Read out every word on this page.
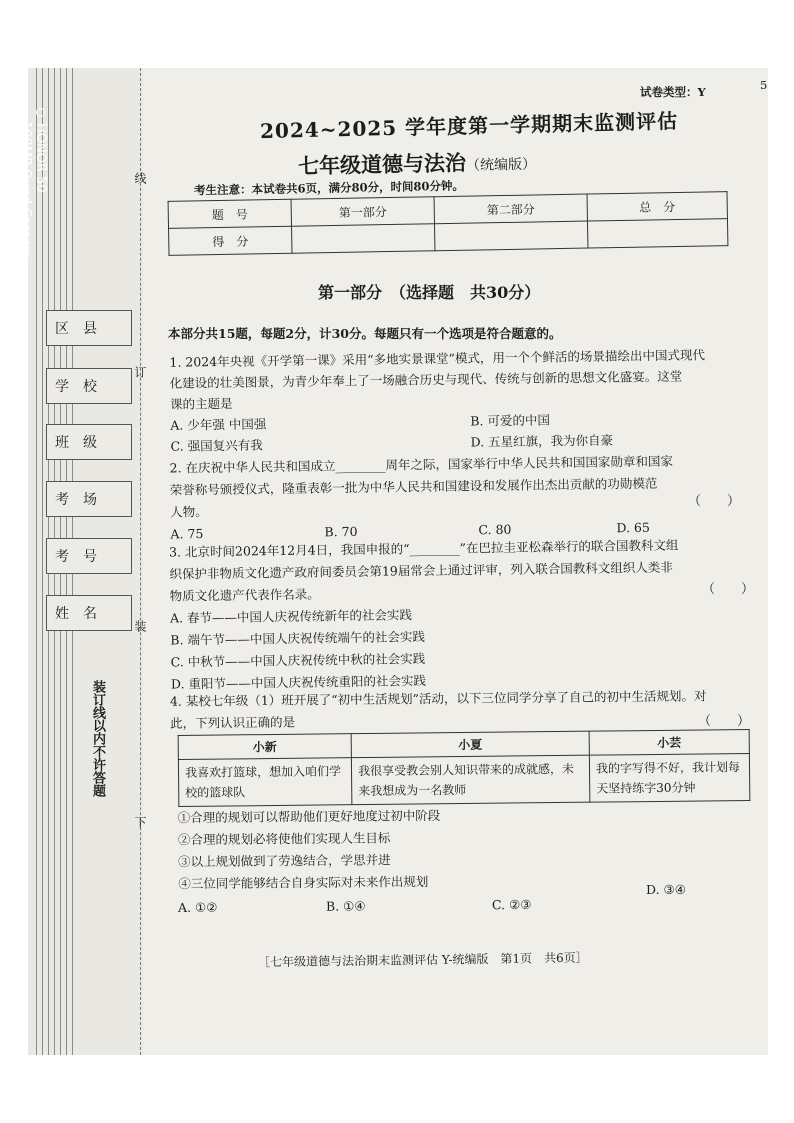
HONOR 50
108MP Quad Camera
区　县
学　校
班　级
考　场
考　号
姓　名
线
订
装
下
装订线以内不许答题
试卷类型：Y	5
2024~2025 学年度第一学期期末监测评估
七年级道德与法治（统编版）
考生注意：本试卷共6页，满分80分，时间80分钟。
题　号	第一部分	第二部分	总　分
得　分			
第一部分　（选择题　共30分）
本部分共15题，每题2分，计30分。每题只有一个选项是符合题意的。
1. 2024年央视《开学第一课》采用“多地实景课堂”模式，用一个个鲜活的场景描绘出中国式现代
化建设的壮美图景，为青少年奉上了一场融合历史与现代、传统与创新的思想文化盛宴。这堂
课的主题是
A. 少年强 中国强	B. 可爱的中国
C. 强国复兴有我	D. 五星红旗，我为你自豪
2. 在庆祝中华人民共和国成立________周年之际，国家举行中华人民共和国国家勋章和国家
荣誉称号颁授仪式，隆重表彰一批为中华人民共和国建设和发展作出杰出贡献的功勋模范
人物。
A. 75	B. 70	C. 80	D. 65
（　　）
3. 北京时间2024年12月4日，我国申报的“________”在巴拉圭亚松森举行的联合国教科文组
织保护非物质文化遗产政府间委员会第19届常会上通过评审，列入联合国教科文组织人类非
物质文化遗产代表作名录。
A. 春节——中国人庆祝传统新年的社会实践
B. 端午节——中国人庆祝传统端午的社会实践
C. 中秋节——中国人庆祝传统中秋的社会实践
D. 重阳节——中国人庆祝传统重阳的社会实践
（　　）
4. 某校七年级（1）班开展了“初中生活规划”活动，以下三位同学分享了自己的初中生活规划。对
此，下列认识正确的是	（　　）
小新	小夏	小芸
我喜欢打篮球，想加入咱们学校的篮球队	我很享受教会别人知识带来的成就感，未来我想成为一名教师	我的字写得不好，我计划每天坚持练字30分钟
①合理的规划可以帮助他们更好地度过初中阶段
②合理的规划必将使他们实现人生目标
③以上规划做到了劳逸结合，学思并进
④三位同学能够结合自身实际对未来作出规划
A. ①②	B. ①④	C. ②③
D. ③④
［七年级道德与法治期末监测评估 Y-统编版　第1页　共6页］
